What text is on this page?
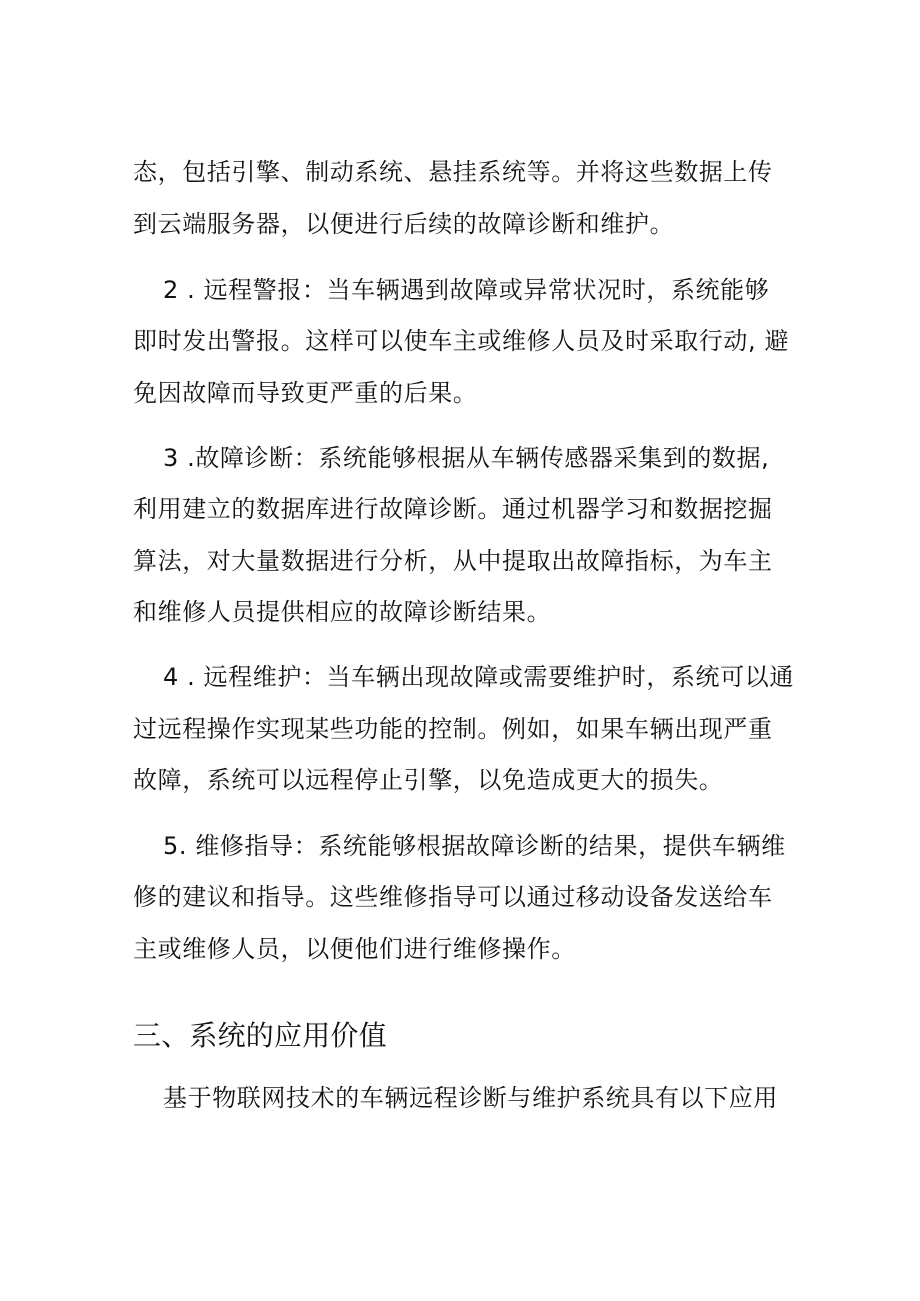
态，包括引擎、制动系统、悬挂系统等。并将这些数据上传
到云端服务器，以便进行后续的故障诊断和维护。
2 . 远程警报：当车辆遇到故障或异常状况时，系统能够
即时发出警报。这样可以使车主或维修人员及时采取行动, 避
免因故障而导致更严重的后果。
3 .故障诊断：系统能够根据从车辆传感器采集到的数据,
利用建立的数据库进行故障诊断。通过机器学习和数据挖掘
算法，对大量数据进行分析，从中提取出故障指标，为车主
和维修人员提供相应的故障诊断结果。
4 . 远程维护：当车辆出现故障或需要维护时，系统可以通
过远程操作实现某些功能的控制。例如，如果车辆出现严重
故障，系统可以远程停止引擎，以免造成更大的损失。
5. 维修指导：系统能够根据故障诊断的结果，提供车辆维
修的建议和指导。这些维修指导可以通过移动设备发送给车
主或维修人员，以便他们进行维修操作。
三、系统的应用价值
基于物联网技术的车辆远程诊断与维护系统具有以下应用
